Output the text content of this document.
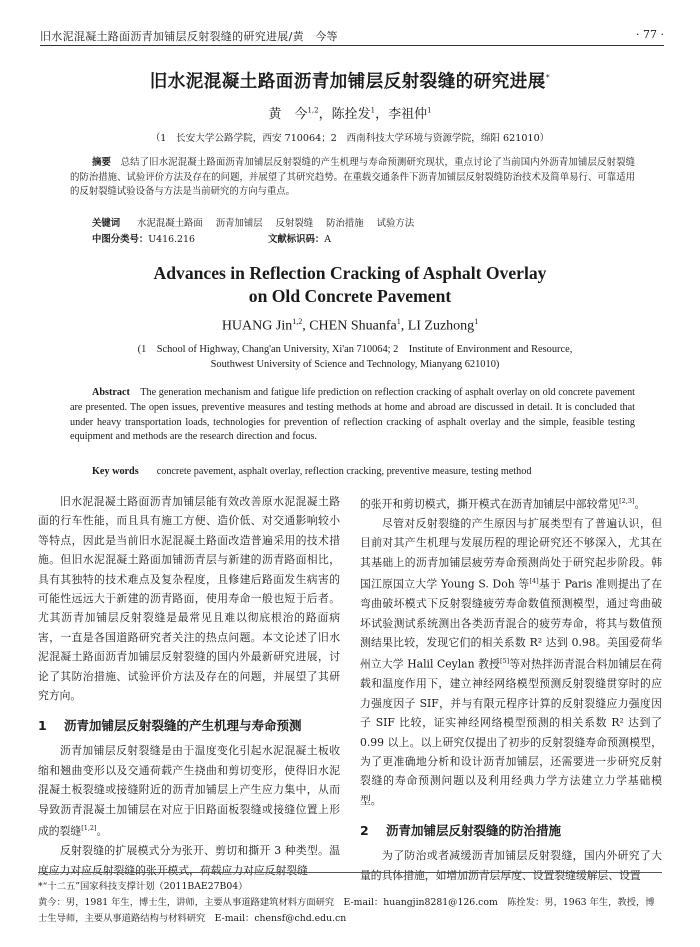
旧水泥混凝土路面沥青加铺层反射裂缝的研究进展/黄　今等	· 77 ·
旧水泥混凝土路面沥青加铺层反射裂缝的研究进展*
黄　今$^{1,2}$，陈拴发$^1$，李祖仲$^1$
（1　长安大学公路学院，西安 710064；2　西南科技大学环境与资源学院，绵阳 621010）

摘要　 总结了旧水泥混凝土路面沥青加铺层反射裂缝的产生机理与寿命预测研究现状，重点讨论了当前国内外沥青加铺层反射裂缝的防治措施、试验评价方法及存在的问题，并展望了其研究趋势。在重载交通条件下沥青加铺层反射裂缝防治技术及简单易行、可靠适用的反射裂缝试验设备与方法是当前研究的方向与重点。

关键词 水泥混凝土路面 沥青加铺层 反射裂缝 防治措施 试验方法
中图分类号：U416.216	文献标识码：A
Advances in Reflection Cracking of Asphalt Overlay
on Old Concrete Pavement
HUANG Jin$^{1,2}$, CHEN Shuanfa$^1$, LI Zuzhong$^1$
(1　School of Highway, Chang'an University, Xi'an 710064; 2　Institute of Environment and Resource,
Southwest University of Science and Technology, Mianyang 621010)

Abstract　 The generation mechanism and fatigue life prediction on reflection cracking of asphalt overlay on old concrete pavement are presented. The open issues, preventive measures and testing methods at home and abroad are discussed in detail. It is concluded that under heavy transportation loads, technologies for prevention of reflection cracking of asphalt overlay and the simple, feasible testing equipment and methods are the research direction and focus.

Key words concrete pavement, asphalt overlay, reflection cracking, preventive measure, testing method

旧水泥混凝土路面沥青加铺层能有效改善原水泥混凝土路面的行车性能，而且具有施工方便、造价低、对交通影响较小等特点，因此是当前旧水泥混凝土路面改造普遍采用的技术措施。但旧水泥混凝土路面加铺沥青层与新建的沥青路面相比，具有其独特的技术难点及复杂程度，且修建后路面发生病害的可能性远远大于新建的沥青路面，使用寿命一般也短于后者。尤其沥青加铺层反射裂缝是最常见且难以彻底根治的路面病害，一直是各国道路研究者关注的热点问题。本文论述了旧水泥混凝土路面沥青加铺层反射裂缝的国内外最新研究进展，讨论了其防治措施、试验评价方法及存在的问题，并展望了其研究方向。

1 沥青加铺层反射裂缝的产生机理与寿命预测

沥青加铺层反射裂缝是由于温度变化引起水泥混凝土板收缩和翘曲变形以及交通荷载产生挠曲和剪切变形，使得旧水泥混凝土板裂缝或接缝附近的沥青加铺层上产生应力集中，从而导致沥青混凝土加铺层在对应于旧路面板裂缝或接缝位置上形成的裂缝[1,2]。

反射裂缝的扩展模式分为张开、剪切和撕开 3 种类型。温度应力对应反射裂缝的张开模式，荷载应力对应反射裂缝

的张开和剪切模式，撕开模式在沥青加铺层中部较常见[2,3]。

尽管对反射裂缝的产生原因与扩展类型有了普遍认识，但目前对其产生机理与发展历程的理论研究还不够深入，尤其在其基础上的沥青加铺层疲劳寿命预测尚处于研究起步阶段。韩国江原国立大学 Young S. Doh 等[4]基于 Paris 准则提出了在弯曲破坏模式下反射裂缝疲劳寿命数值预测模型，通过弯曲破坏试验测试系统测出各类沥青混合的疲劳寿命，将其与数值预测结果比较，发现它们的相关系数 R² 达到 0.98。美国爱荷华州立大学 Halil Ceylan 教授[5]等对热拌沥青混合料加铺层在荷载和温度作用下，建立神经网络模型预测反射裂缝贯穿时的应力强度因子 SIF，并与有限元程序计算的反射裂缝应力强度因子 SIF 比较，证实神经网络模型预测的相关系数 R² 达到了 0.99 以上。以上研究仅提出了初步的反射裂缝寿命预测模型，为了更准确地分析和设计沥青加铺层，还需要进一步研究反射裂缝的寿命预测问题以及利用经典力学方法建立力学基础模型。

2 沥青加铺层反射裂缝的防治措施

为了防治或者减缓沥青加铺层反射裂缝，国内外研究了大量的具体措施，如增加沥青层厚度、设置裂缝缓解层、设置

*“十二五”国家科技支撑计划（2011BAE27B04）
黄今：男，1981 年生，博士生，讲师，主要从事道路建筑材料方面研究　E-mail：huangjin8281@126.com　陈拴发：男，1963 年生，教授，博士生导师，主要从事道路结构与材料研究　E-mail：chensf@chd.edu.cn
